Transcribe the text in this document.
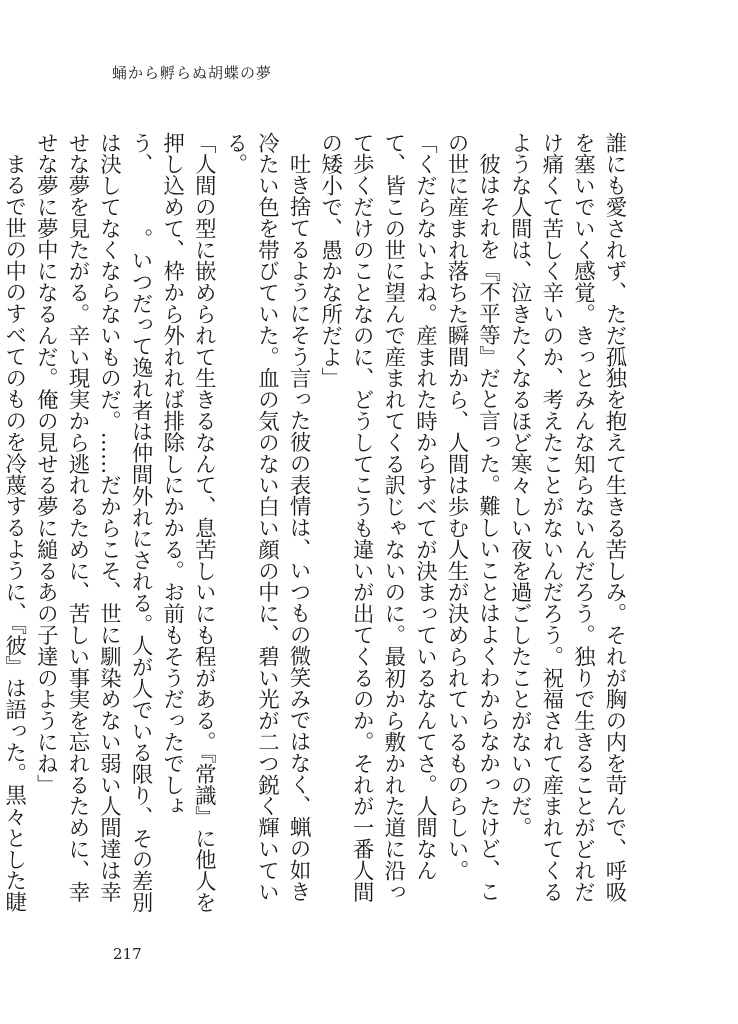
蛹から孵らぬ胡蝶の夢

誰にも愛されず、ただ孤独を抱えて生きる苦しみ。それが胸の内を苛んで、呼吸を塞いでいく感覚。きっとみんな知らないんだろう。独りで生きることがどれだけ痛くて苦しく辛いのか、考えたことがないんだろう。祝福されて産まれてくるような人間は、泣きたくなるほど寒々しい夜を過ごしたことがないのだ。

彼はそれを『不平等』だと言った。難しいことはよくわからなかったけど、この世に産まれ落ちた瞬間から、人間は歩む人生が決められているものらしい。

「くだらないよね。産まれた時からすべてが決まっているなんてさ。人間なんて、皆この世に望んで産まれてくる訳じゃないのに。最初から敷かれた道に沿って歩くだけのことなのに、どうしてこうも違いが出てくるのか。それが一番人間の矮小で、愚かな所だよ」

吐き捨てるようにそう言った彼の表情は、いつもの微笑みではなく、蝋の如き冷たい色を帯びていた。血の気のない白い顔の中に、碧い光が二つ鋭く輝いている。

「人間の型に嵌められて生きるなんて、息苦しいにも程がある。『常識』に他人を押し込めて、枠から外れれば排除しにかかる。お前もそうだったでしょう、　　　。いつだって逸れ者は仲間外れにされる。人が人でいる限り、その差別は決してなくならないものだ。……だからこそ、世に馴染めない弱い人間達は幸せな夢を見たがる。辛い現実から逃れるために、苦しい事実を忘れるために、幸せな夢に夢中になるんだ。俺の見せる夢に縋るあの子達のようにね」

まるで世の中のすべてのものを冷蔑するように、『彼』は語った。黒々とした睫

217
